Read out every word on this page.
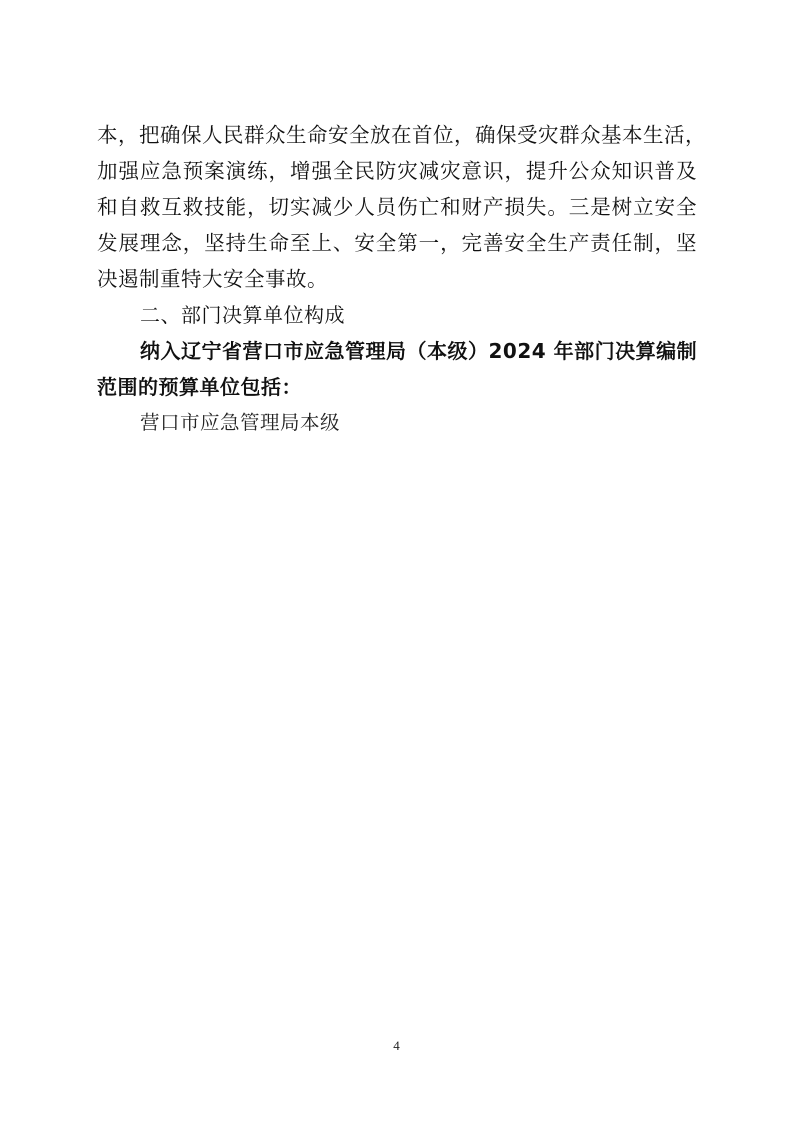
本，把确保人民群众生命安全放在首位，确保受灾群众基本生活，
加强应急预案演练，增强全民防灾减灾意识，提升公众知识普及
和自救互救技能，切实减少人员伤亡和财产损失。三是树立安全
发展理念，坚持生命至上、安全第一，完善安全生产责任制，坚
决遏制重特大安全事故。
二、部门决算单位构成
纳入辽宁省营口市应急管理局（本级）2024 年部门决算编制
范围的预算单位包括：
营口市应急管理局本级
4
